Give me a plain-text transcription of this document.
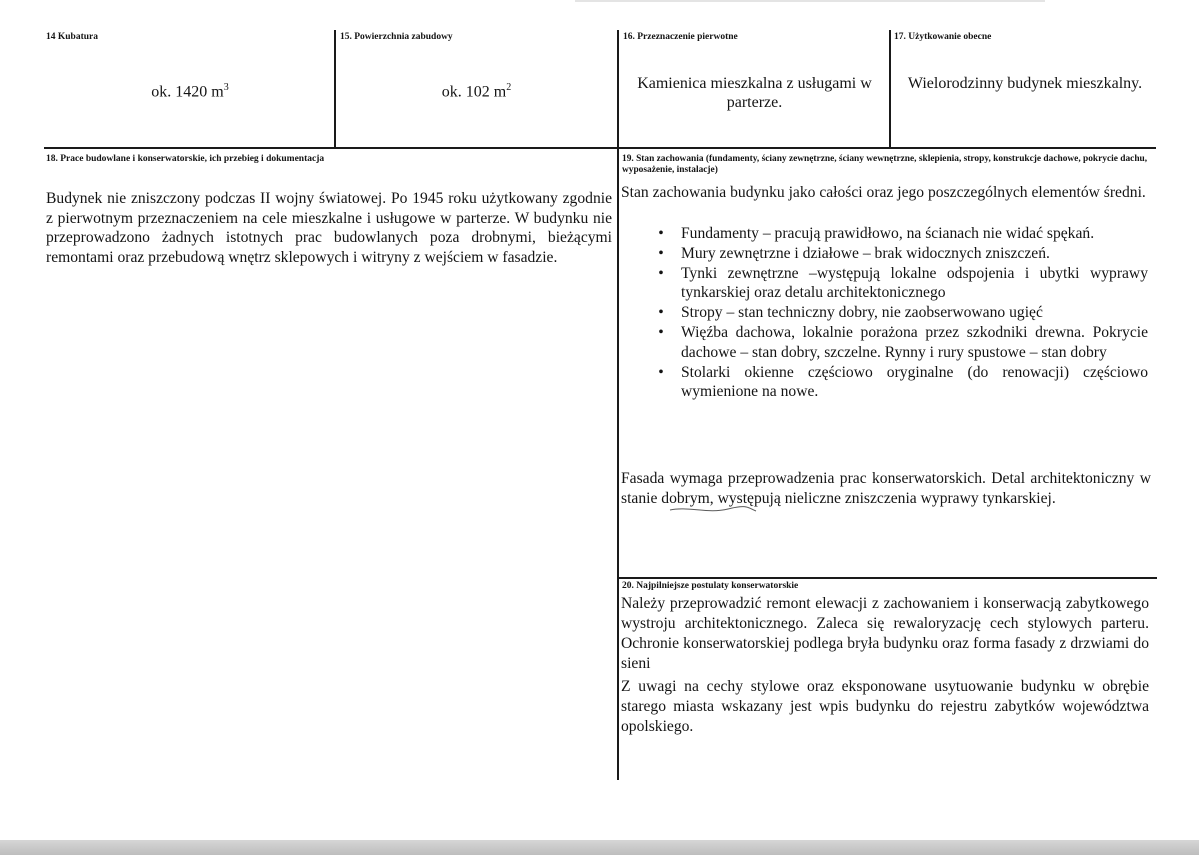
14 Kubatura
ok. 1420 $m^3$
15. Powierzchnia zabudowy
ok. 102 $m^2$
16. Przeznaczenie pierwotne
Kamienica mieszkalna z usługami w parterze.
17. Użytkowanie obecne
Wielorodzinny budynek mieszkalny.
18. Prace budowlane i konserwatorskie, ich przebieg i dokumentacja
Budynek nie zniszczony podczas II wojny światowej. Po 1945 roku użytkowany zgodnie z pierwotnym przeznaczeniem na cele mieszkalne i usługowe w parterze. W budynku nie przeprowadzono żadnych istotnych prac budowlanych poza drobnymi, bieżącymi remontami oraz przebudową wnętrz sklepowych i witryny z wejściem w fasadzie.
19. Stan zachowania (fundamenty, ściany zewnętrzne, ściany wewnętrzne, sklepienia, stropy, konstrukcje dachowe, pokrycie dachu, wyposażenie, instalacje)
Stan zachowania budynku jako całości oraz jego poszczególnych elementów średni.
•	Fundamenty – pracują prawidłowo, na ścianach nie widać spękań.
•	Mury zewnętrzne i działowe – brak widocznych zniszczeń.
•	Tynki zewnętrzne –występują lokalne odspojenia i ubytki wyprawy tynkarskiej oraz detalu architektonicznego
•	Stropy – stan techniczny dobry, nie zaobserwowano ugięć
•	Więźba dachowa, lokalnie porażona przez szkodniki drewna. Pokrycie dachowe – stan dobry, szczelne. Rynny i rury spustowe – stan dobry
•	Stolarki okienne częściowo oryginalne (do renowacji) częściowo wymienione na nowe.
Fasada wymaga przeprowadzenia prac konserwatorskich. Detal architektoniczny w stanie dobrym, występują nieliczne zniszczenia wyprawy tynkarskiej.
20. Najpilniejsze postulaty konserwatorskie
Należy przeprowadzić remont elewacji z zachowaniem i konserwacją zabytkowego wystroju architektonicznego. Zaleca się rewaloryzację cech stylowych parteru. Ochronie konserwatorskiej podlega bryła budynku oraz forma fasady z drzwiami do sieni
Z uwagi na cechy stylowe oraz eksponowane usytuowanie budynku w obrębie starego miasta wskazany jest wpis budynku do rejestru zabytków województwa opolskiego.
